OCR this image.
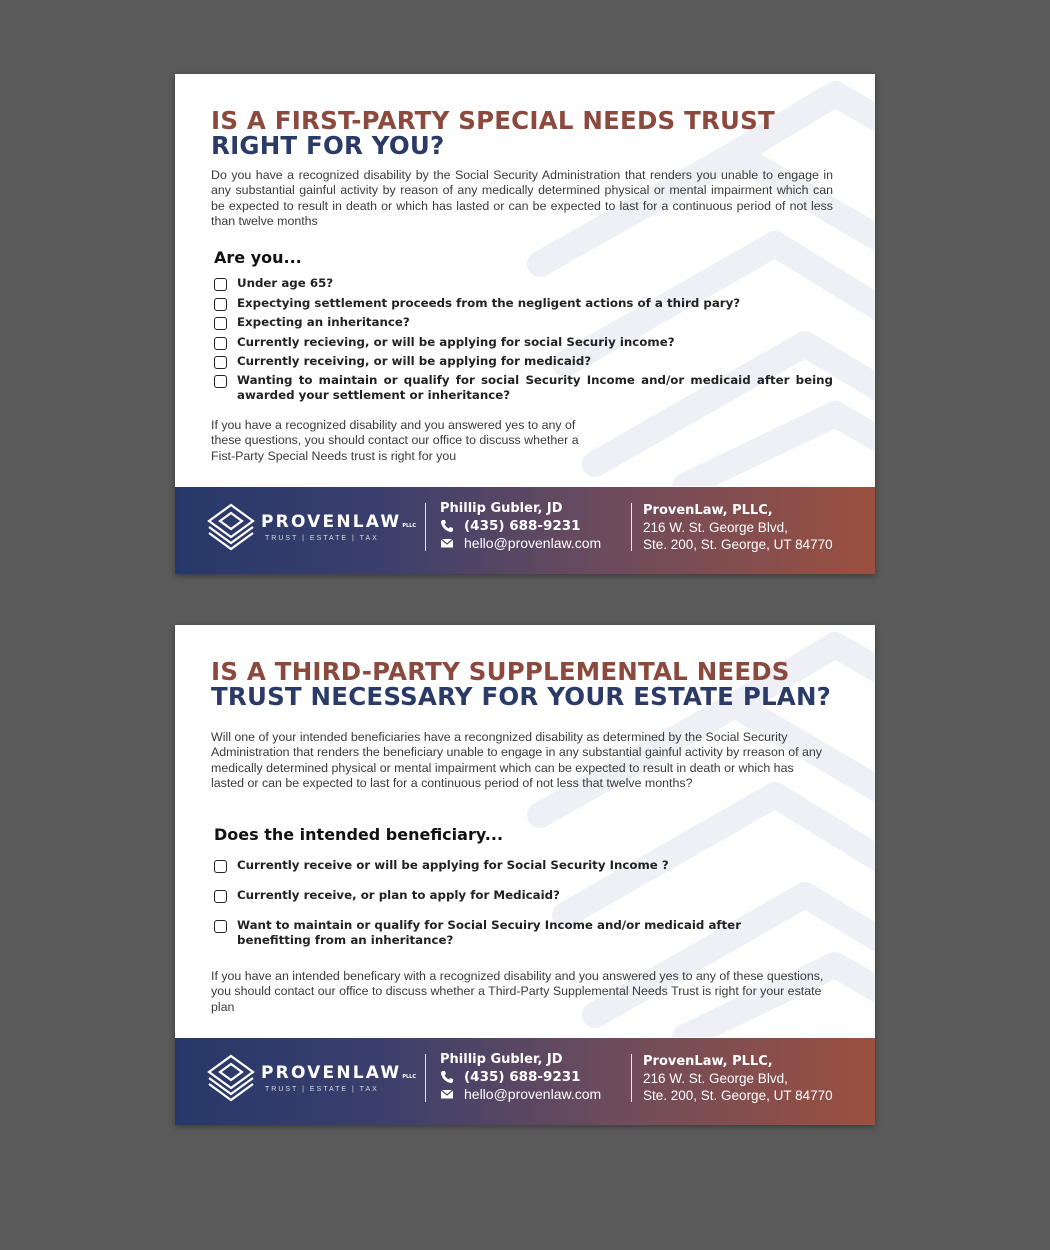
IS A FIRST-PARTY SPECIAL NEEDS TRUST
RIGHT FOR YOU?

Do you have a recognized disability by the Social Security Administration that renders you unable to engage in any substantial gainful activity by reason of any medically determined physical or mental impairment which can be expected to result in death or which has lasted or can be expected to last for a continuous period of not less than twelve months

Are you...
Under age 65?
Expectying settlement proceeds from the negligent actions of a third pary?
Expecting an inheritance?
Currently recieving, or will be applying for social Securiy income?
Currently receiving, or will be applying for medicaid?
Wanting to maintain or qualify for social Security Income and/or medicaid after being awarded your settlement or inheritance?

If you have a recognized disability and you answered yes to any of
these questions, you should contact our office to discuss whether a
Fist-Party Special Needs trust is right for you

PROVENLAWPLLC
TRUST | ESTATE | TAX
Phillip Gubler, JD
(435) 688-9231
hello@provenlaw.com
ProvenLaw, PLLC,
216 W. St. George Blvd,
Ste. 200, St. George, UT 84770
IS A THIRD-PARTY SUPPLEMENTAL NEEDS
TRUST NECESSARY FOR YOUR ESTATE PLAN?

Will one of your intended beneficiaries have a recongnized disability as determined by the Social Security Administration that renders the beneficiary unable to engage in any substantial gainful activity by rreason of any medically determined physical or mental impairment which can be expected to result in death or which has lasted or can be expected to last for a continuous period of not less that twelve months?

Does the intended beneficiary...
Currently receive or will be applying for Social Security Income ?
Currently receive, or plan to apply for Medicaid?
Want to maintain or qualify for Social Secuiry Income and/or medicaid after benefitting from an inheritance?

If you have an intended beneficary with a recognized disability and you answered yes to any of these questions, you should contact our office to discuss whether a Third-Party Supplemental Needs Trust is right for your estate plan

PROVENLAWPLLC
TRUST | ESTATE | TAX
Phillip Gubler, JD
(435) 688-9231
hello@provenlaw.com
ProvenLaw, PLLC,
216 W. St. George Blvd,
Ste. 200, St. George, UT 84770
